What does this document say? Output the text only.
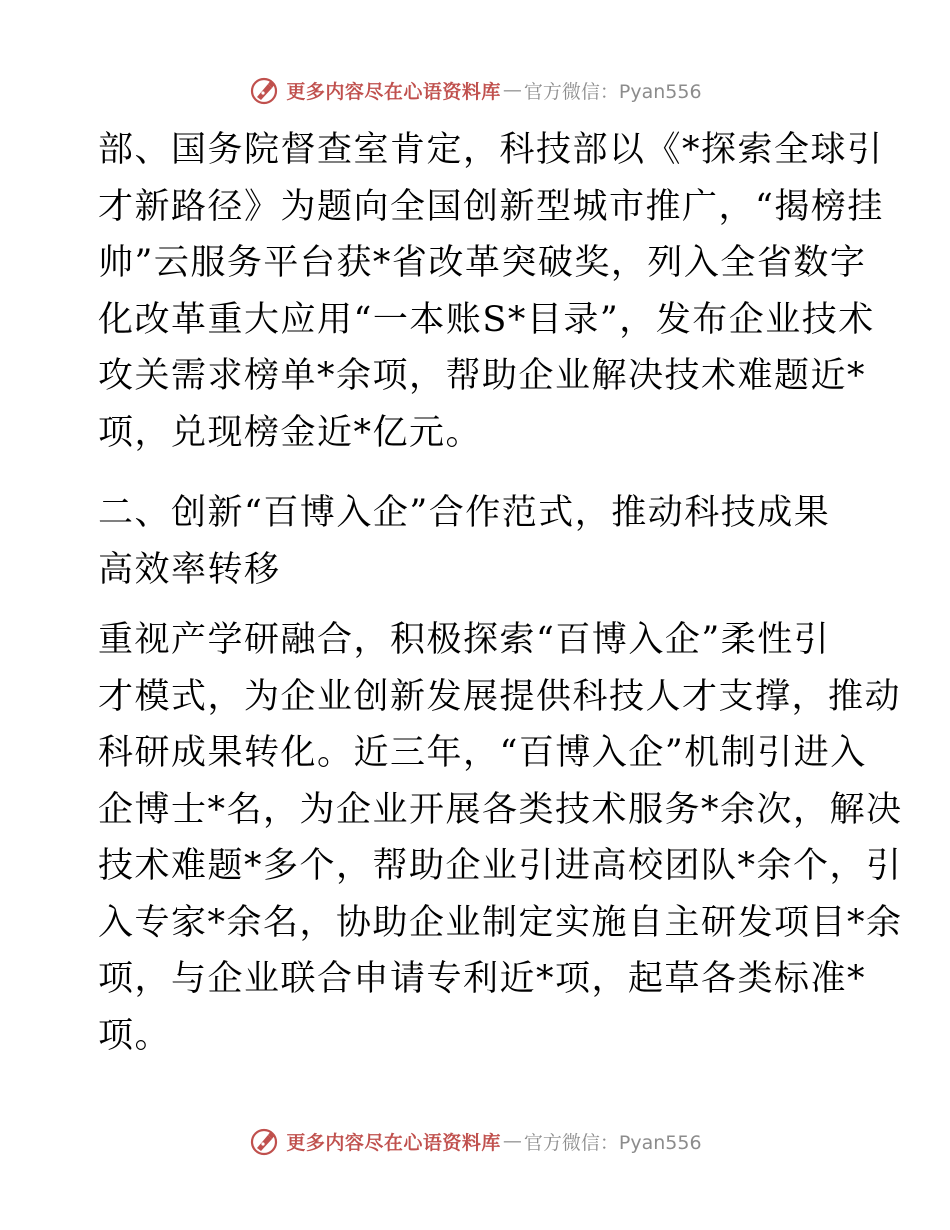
更多内容尽在心语资料库 — 官方微信：Pyan556
部、国务院督查室肯定，科技部以《*探索全球引
才新路径》为题向全国创新型城市推广，“揭榜挂
帅”云服务平台获*省改革突破奖，列入全省数字
化改革重大应用“一本账S*目录”，发布企业技术
攻关需求榜单*余项，帮助企业解决技术难题近*
项，兑现榜金近*亿元。
二、创新“百博入企”合作范式，推动科技成果
高效率转移
重视产学研融合，积极探索“百博入企”柔性引
才模式，为企业创新发展提供科技人才支撑，推动
科研成果转化。近三年，“百博入企”机制引进入
企博士*名，为企业开展各类技术服务*余次，解决
技术难题*多个，帮助企业引进高校团队*余个，引
入专家*余名，协助企业制定实施自主研发项目*余
项，与企业联合申请专利近*项，起草各类标准*
项。
更多内容尽在心语资料库 — 官方微信：Pyan556
